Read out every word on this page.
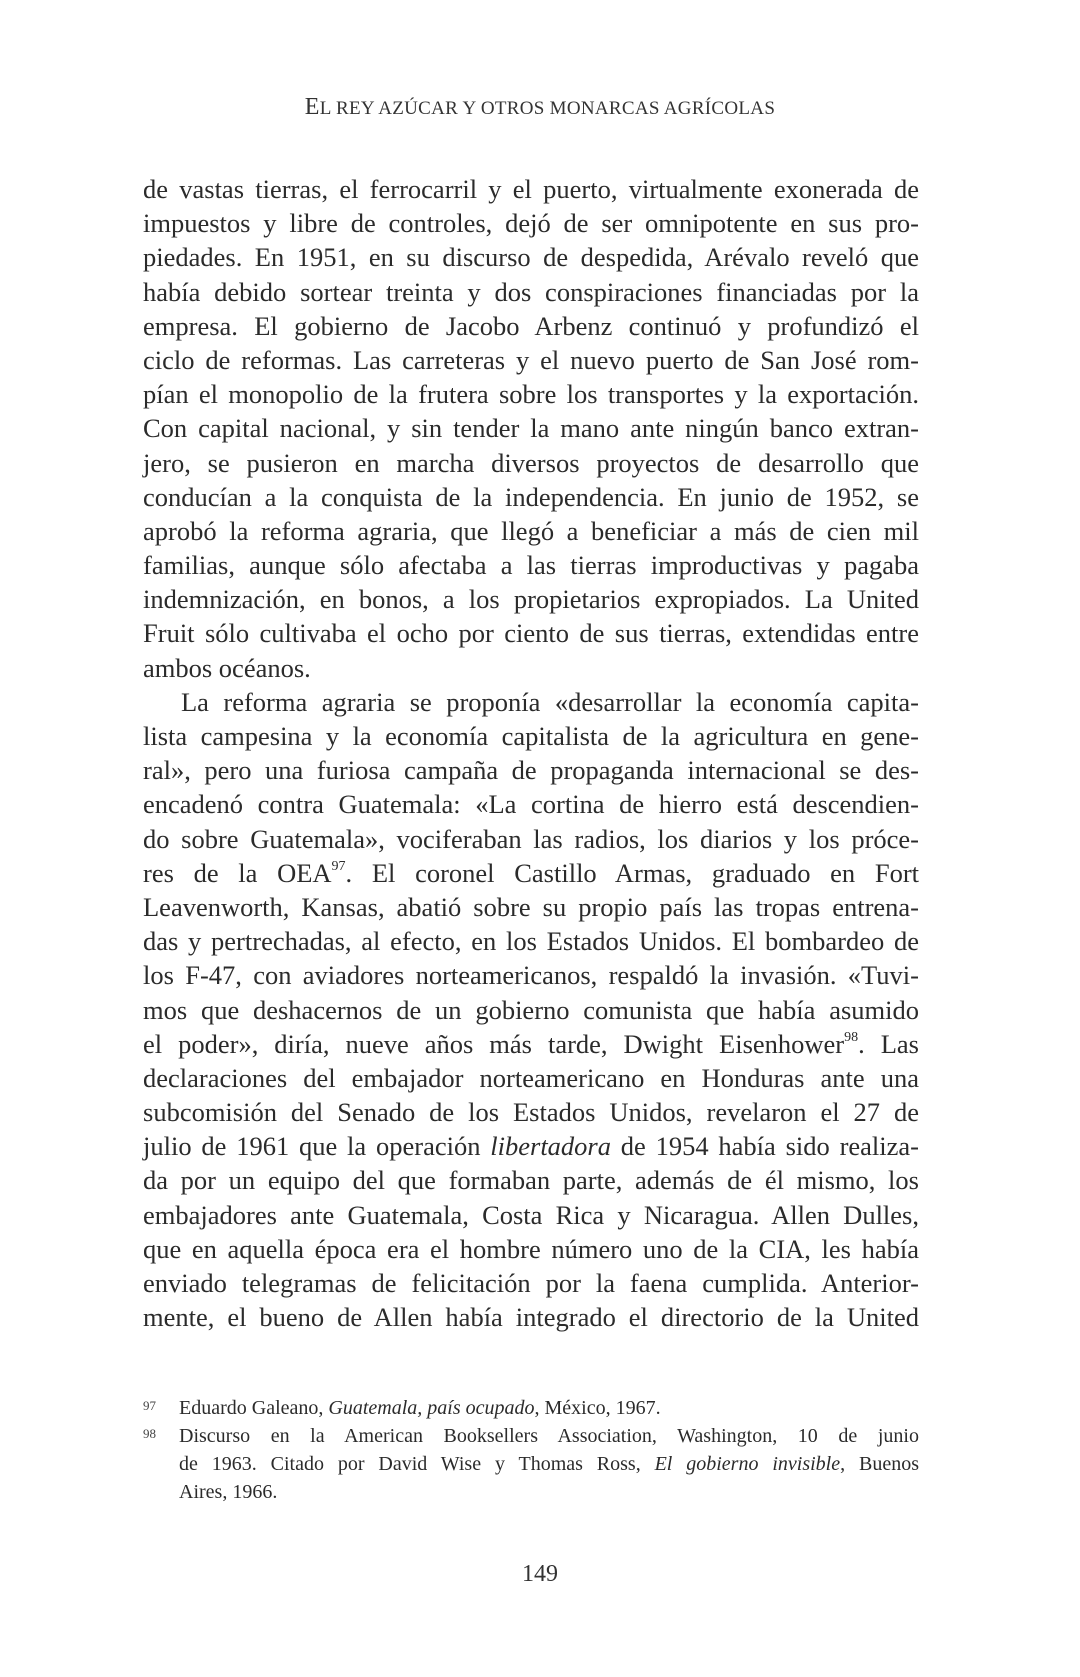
EL REY AZÚCAR Y OTROS MONARCAS AGRÍCOLAS
de vastas tierras, el ferrocarril y el puerto, virtualmente exonerada de
impuestos y libre de controles, dejó de ser omnipotente en sus pro-
piedades. En 1951, en su discurso de despedida, Arévalo reveló que
había debido sortear treinta y dos conspiraciones financiadas por la
empresa. El gobierno de Jacobo Arbenz continuó y profundizó el
ciclo de reformas. Las carreteras y el nuevo puerto de San José rom-
pían el monopolio de la frutera sobre los transportes y la exportación.
Con capital nacional, y sin tender la mano ante ningún banco extran-
jero, se pusieron en marcha diversos proyectos de desarrollo que
conducían a la conquista de la independencia. En junio de 1952, se
aprobó la reforma agraria, que llegó a beneficiar a más de cien mil
familias, aunque sólo afectaba a las tierras improductivas y pagaba
indemnización, en bonos, a los propietarios expropiados. La United
Fruit sólo cultivaba el ocho por ciento de sus tierras, extendidas entre
ambos océanos.
La reforma agraria se proponía «desarrollar la economía capita-
lista campesina y la economía capitalista de la agricultura en gene-
ral», pero una furiosa campaña de propaganda internacional se des-
encadenó contra Guatemala: «La cortina de hierro está descendien-
do sobre Guatemala», vociferaban las radios, los diarios y los próce-
res de la OEA$^{97}$. El coronel Castillo Armas, graduado en Fort
Leavenworth, Kansas, abatió sobre su propio país las tropas entrena-
das y pertrechadas, al efecto, en los Estados Unidos. El bombardeo de
los F-47, con aviadores norteamericanos, respaldó la invasión. «Tuvi-
mos que deshacernos de un gobierno comunista que había asumido
el poder», diría, nueve años más tarde, Dwight Eisenhower$^{98}$. Las
declaraciones del embajador norteamericano en Honduras ante una
subcomisión del Senado de los Estados Unidos, revelaron el 27 de
julio de 1961 que la operación libertadora de 1954 había sido realiza-
da por un equipo del que formaban parte, además de él mismo, los
embajadores ante Guatemala, Costa Rica y Nicaragua. Allen Dulles,
que en aquella época era el hombre número uno de la CIA, les había
enviado telegramas de felicitación por la faena cumplida. Anterior-
mente, el bueno de Allen había integrado el directorio de la United
97 Eduardo Galeano, Guatemala, país ocupado, México, 1967.
98 Discurso en la American Booksellers Association, Washington, 10 de junio
de 1963. Citado por David Wise y Thomas Ross, El gobierno invisible, Buenos
Aires, 1966.
149
